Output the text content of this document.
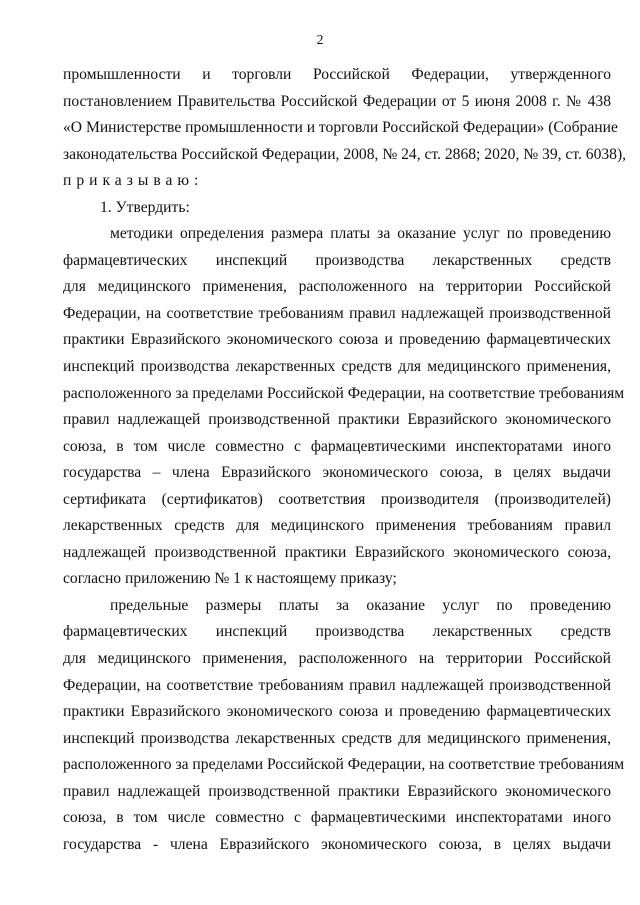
2
промышленности и торговли Российской Федерации, утвержденного
постановлением Правительства Российской Федерации от 5 июня 2008 г. № 438
«О Министерстве промышленности и торговли Российской Федерации» (Собрание
законодательства Российской Федерации, 2008, № 24, ст. 2868; 2020, № 39, ст. 6038),
приказываю:
1. Утвердить:
методики определения размера платы за оказание услуг по проведению
фармацевтических инспекций производства лекарственных средств
для медицинского применения, расположенного на территории Российской
Федерации, на соответствие требованиям правил надлежащей производственной
практики Евразийского экономического союза и проведению фармацевтических
инспекций производства лекарственных средств для медицинского применения,
расположенного за пределами Российской Федерации, на соответствие требованиям
правил надлежащей производственной практики Евразийского экономического
союза, в том числе совместно с фармацевтическими инспекторатами иного
государства – члена Евразийского экономического союза, в целях выдачи
сертификата (сертификатов) соответствия производителя (производителей)
лекарственных средств для медицинского применения требованиям правил
надлежащей производственной практики Евразийского экономического союза,
согласно приложению № 1 к настоящему приказу;
предельные размеры платы за оказание услуг по проведению
фармацевтических инспекций производства лекарственных средств
для медицинского применения, расположенного на территории Российской
Федерации, на соответствие требованиям правил надлежащей производственной
практики Евразийского экономического союза и проведению фармацевтических
инспекций производства лекарственных средств для медицинского применения,
расположенного за пределами Российской Федерации, на соответствие требованиям
правил надлежащей производственной практики Евразийского экономического
союза, в том числе совместно с фармацевтическими инспекторатами иного
государства - члена Евразийского экономического союза, в целях выдачи
